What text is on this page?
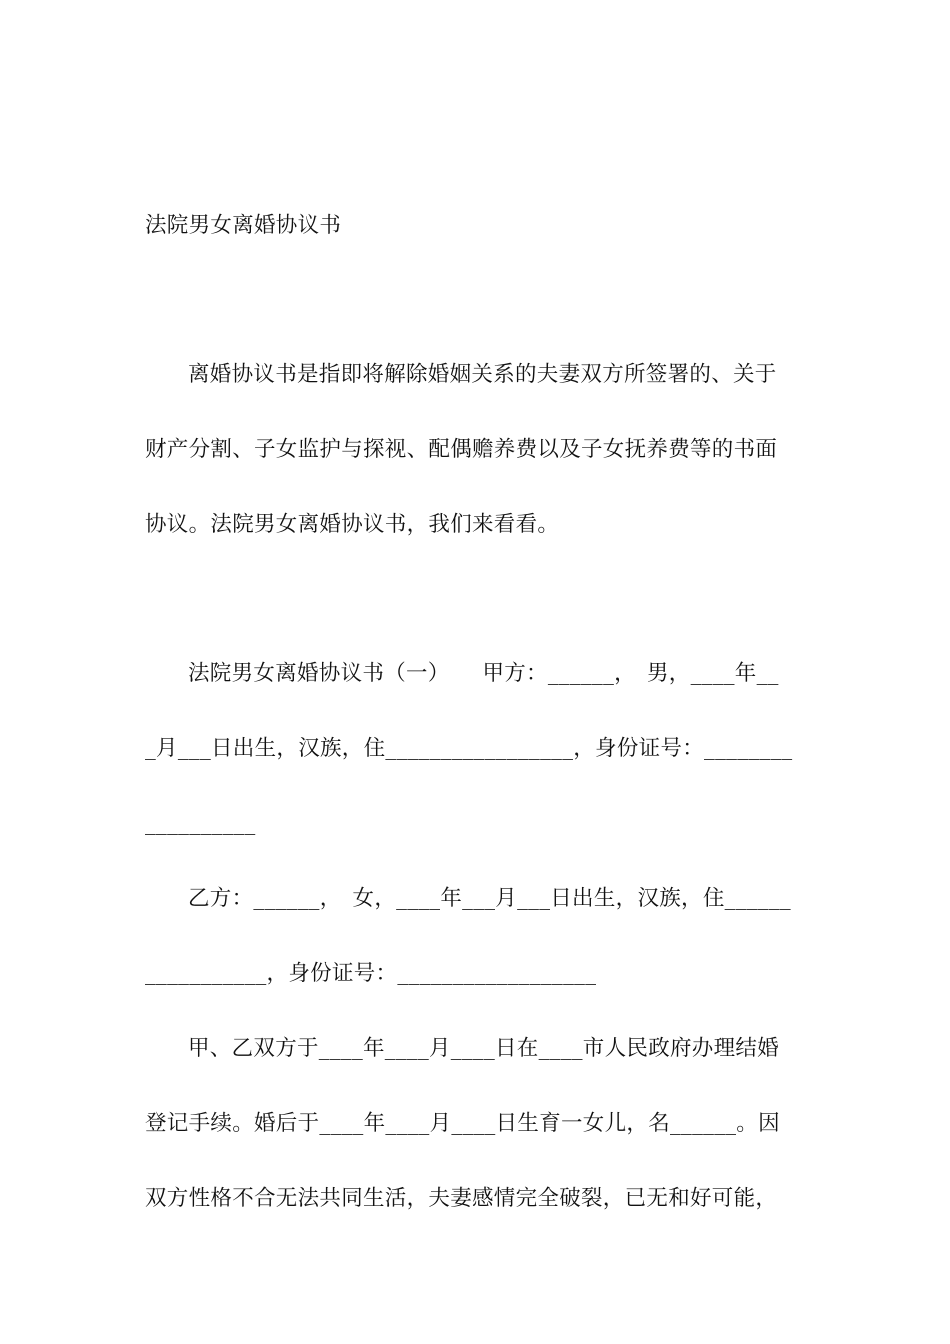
法院男女离婚协议书
离婚协议书是指即将解除婚姻关系的夫妻双方所签署的、关于
财产分割、子女监护与探视、配偶赡养费以及子女抚养费等的书面
协议。法院男女离婚协议书，我们来看看。
法院男女离婚协议书（一）　　甲方：______，　男，____年__
_月___日出生，汉族，住_________________，身份证号：________
__________
乙方：______，　女，____年___月___日出生，汉族，住______
___________，身份证号：__________________
甲、乙双方于____年____月____日在____市人民政府办理结婚
登记手续。婚后于____年____月____日生育一女儿，名______。因
双方性格不合无法共同生活，夫妻感情完全破裂，已无和好可能，
